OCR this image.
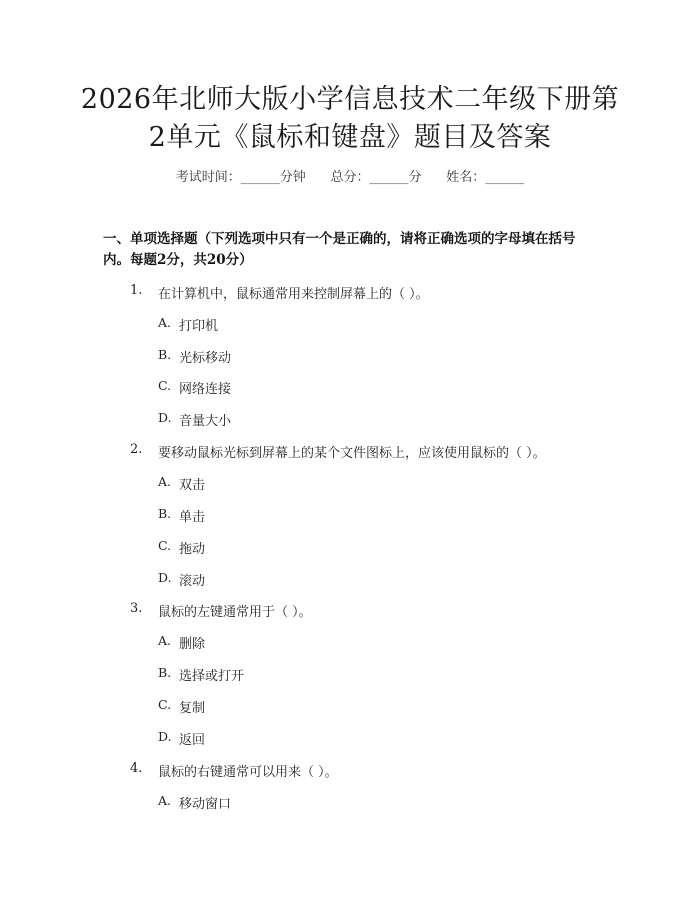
2026年北师大版小学信息技术二年级下册第
2单元《鼠标和键盘》题目及答案
考试时间：______分钟      总分：______分      姓名：______
一、单项选择题（下列选项中只有一个是正确的，请将正确选项的字母填在括号
内。每题2分，共20分）
1. 在计算机中，鼠标通常用来控制屏幕上的（ ）。
A. 打印机
B. 光标移动
C. 网络连接
D. 音量大小
2. 要移动鼠标光标到屏幕上的某个文件图标上，应该使用鼠标的（ ）。
A. 双击
B. 单击
C. 拖动
D. 滚动
3. 鼠标的左键通常用于（ ）。
A. 删除
B. 选择或打开
C. 复制
D. 返回
4. 鼠标的右键通常可以用来（ ）。
A. 移动窗口
